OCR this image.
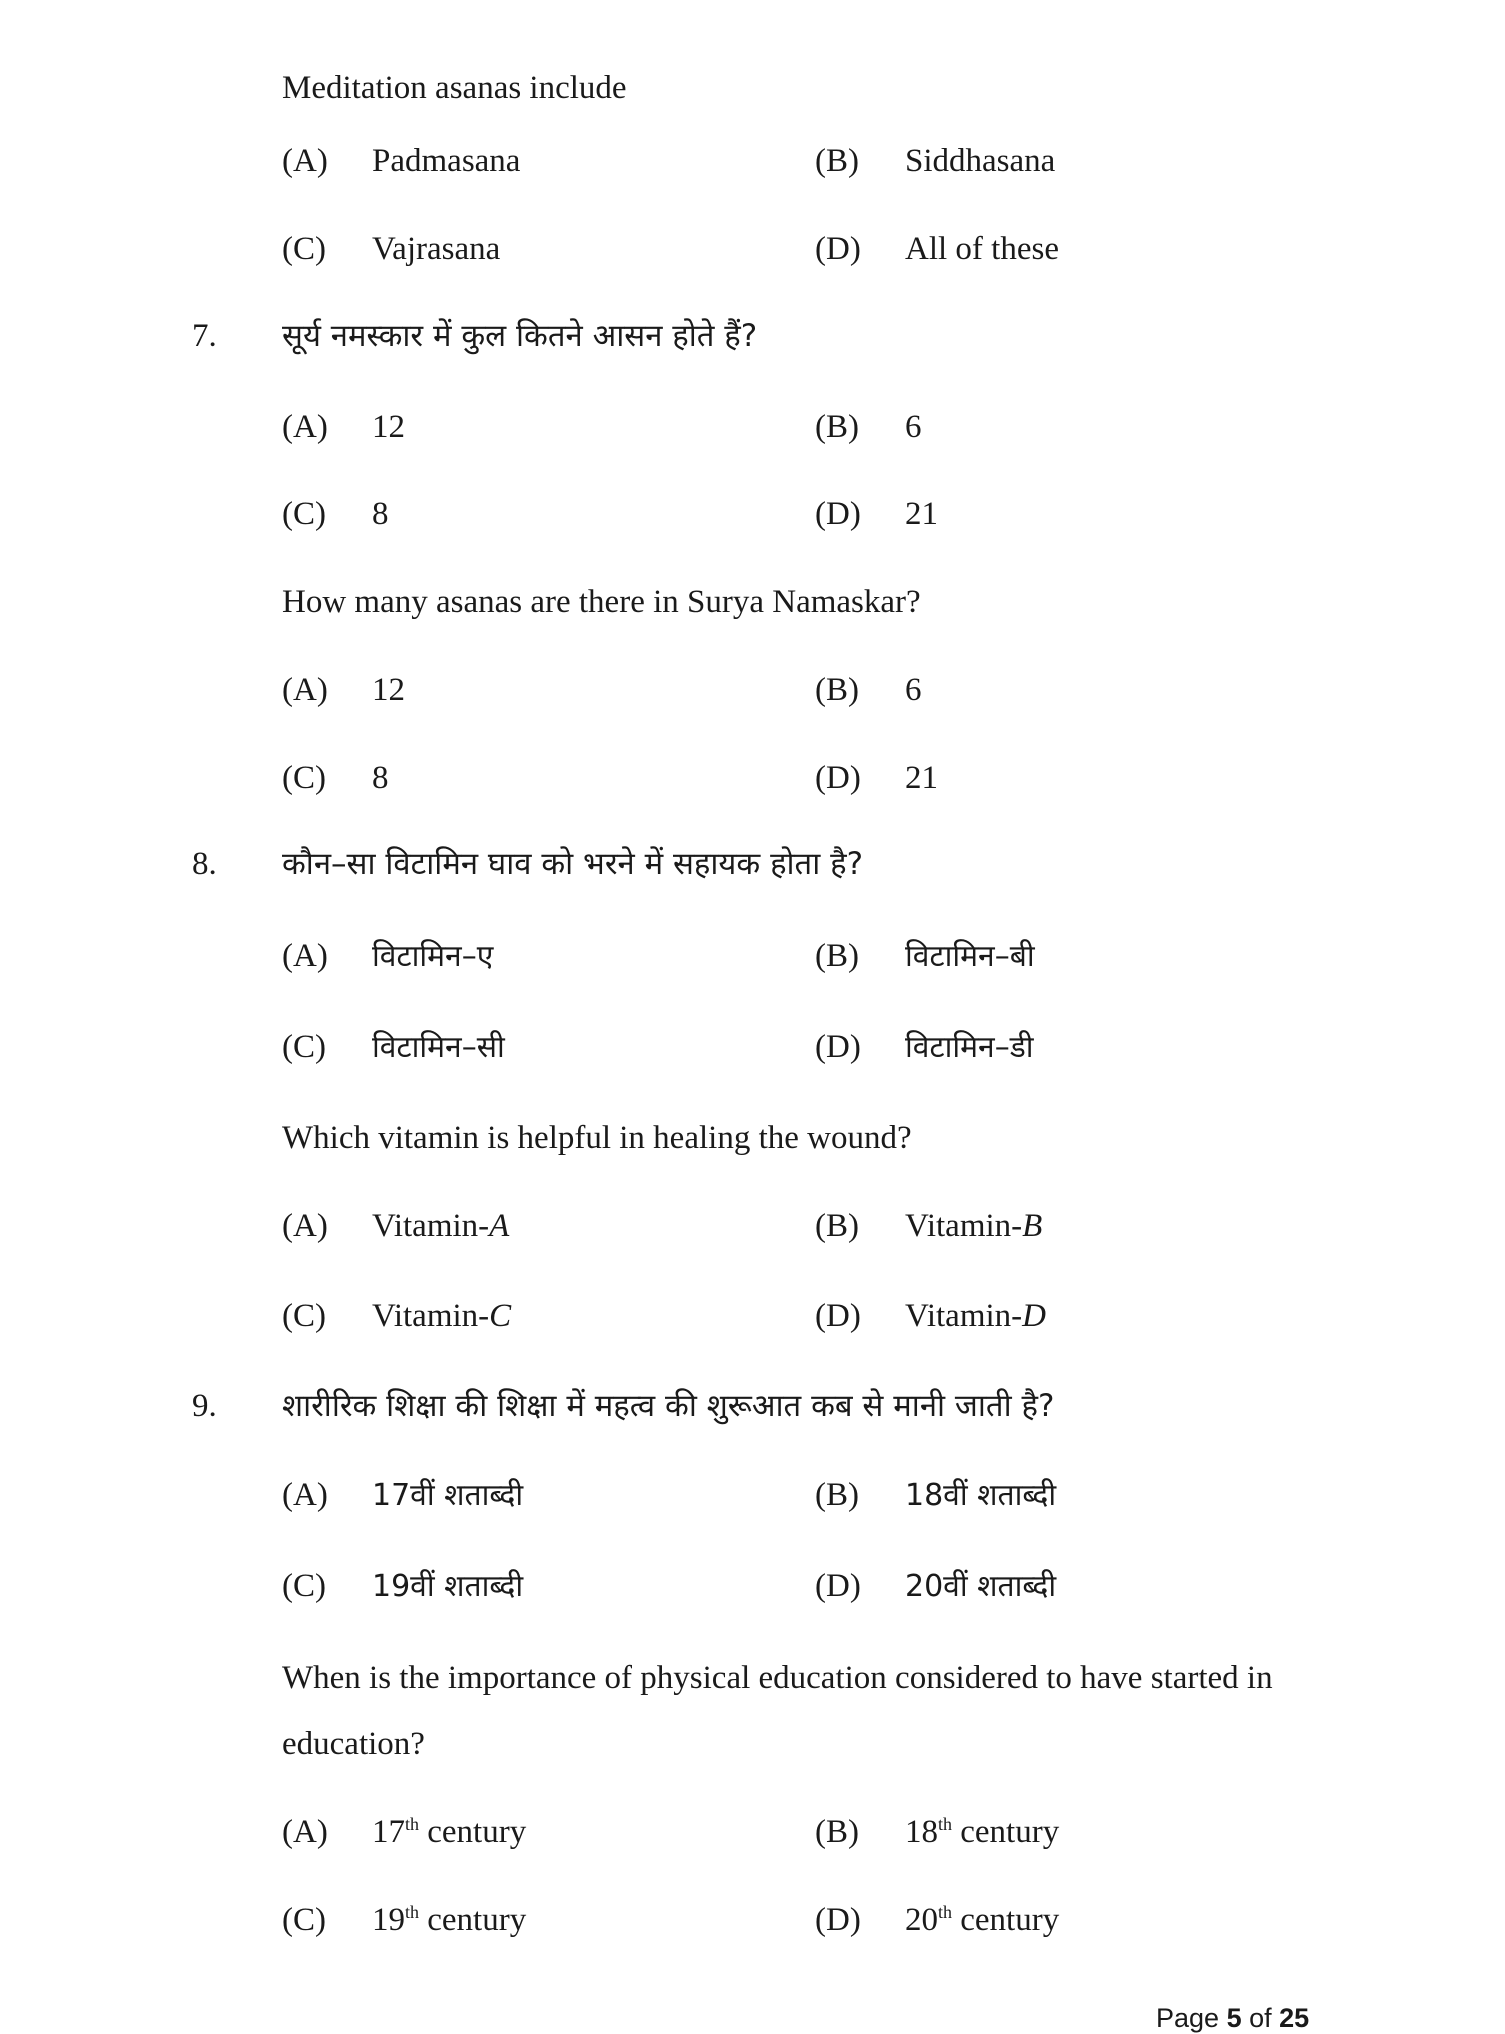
Meditation asanas include
(A) Padmasana	(B) Siddhasana
(C) Vajrasana	(D) All of these
7. सूर्य नमस्कार में कुल कितने आसन होते हैं?
(A) 12	(B) 6
(C) 8	(D) 21
How many asanas are there in Surya Namaskar?
(A) 12	(B) 6
(C) 8	(D) 21
8. कौन–सा विटामिन घाव को भरने में सहायक होता है?
(A) विटामिन–ए	(B) विटामिन–बी
(C) विटामिन–सी	(D) विटामिन–डी
Which vitamin is helpful in healing the wound?
(A) Vitamin-A	(B) Vitamin-B
(C) Vitamin-C	(D) Vitamin-D
9. शारीरिक शिक्षा की शिक्षा में महत्व की शुरूआत कब से मानी जाती है?
(A) 17वीं शताब्दी	(B) 18वीं शताब्दी
(C) 19वीं शताब्दी	(D) 20वीं शताब्दी
When is the importance of physical education considered to have started in
education?
(A) 17th century	(B) 18th century
(C) 19th century	(D) 20th century
Page 5 of 25
